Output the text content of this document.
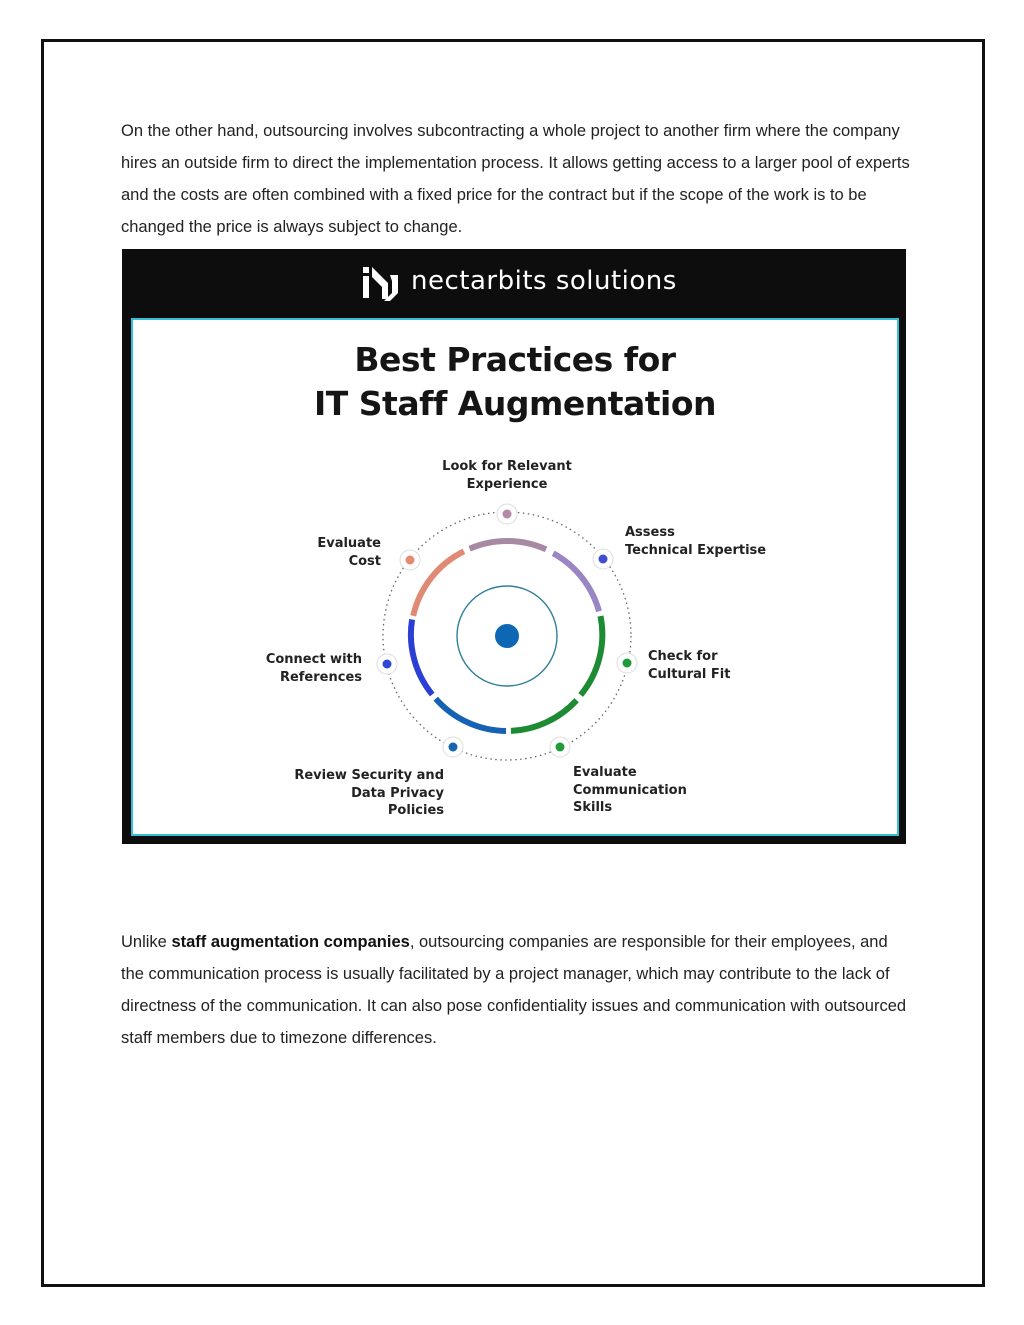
On the other hand, outsourcing involves subcontracting a whole project to another firm where the company hires an outside firm to direct the implementation process. It allows getting access to a larger pool of experts and the costs are often combined with a fixed price for the contract but if the scope of the work is to be changed the price is always subject to change.

nectarbits solutions
Best Practices for
IT Staff Augmentation
Look for Relevant
Experience
Assess
Technical Expertise
Check for
Cultural Fit
Evaluate
Communication
Skills
Review Security and
Data Privacy
Policies
Connect with
References
Evaluate
Cost

Unlike staff augmentation companies, outsourcing companies are responsible for their employees, and the communication process is usually facilitated by a project manager, which may contribute to the lack of directness of the communication. It can also pose confidentiality issues and communication with outsourced staff members due to timezone differences.
